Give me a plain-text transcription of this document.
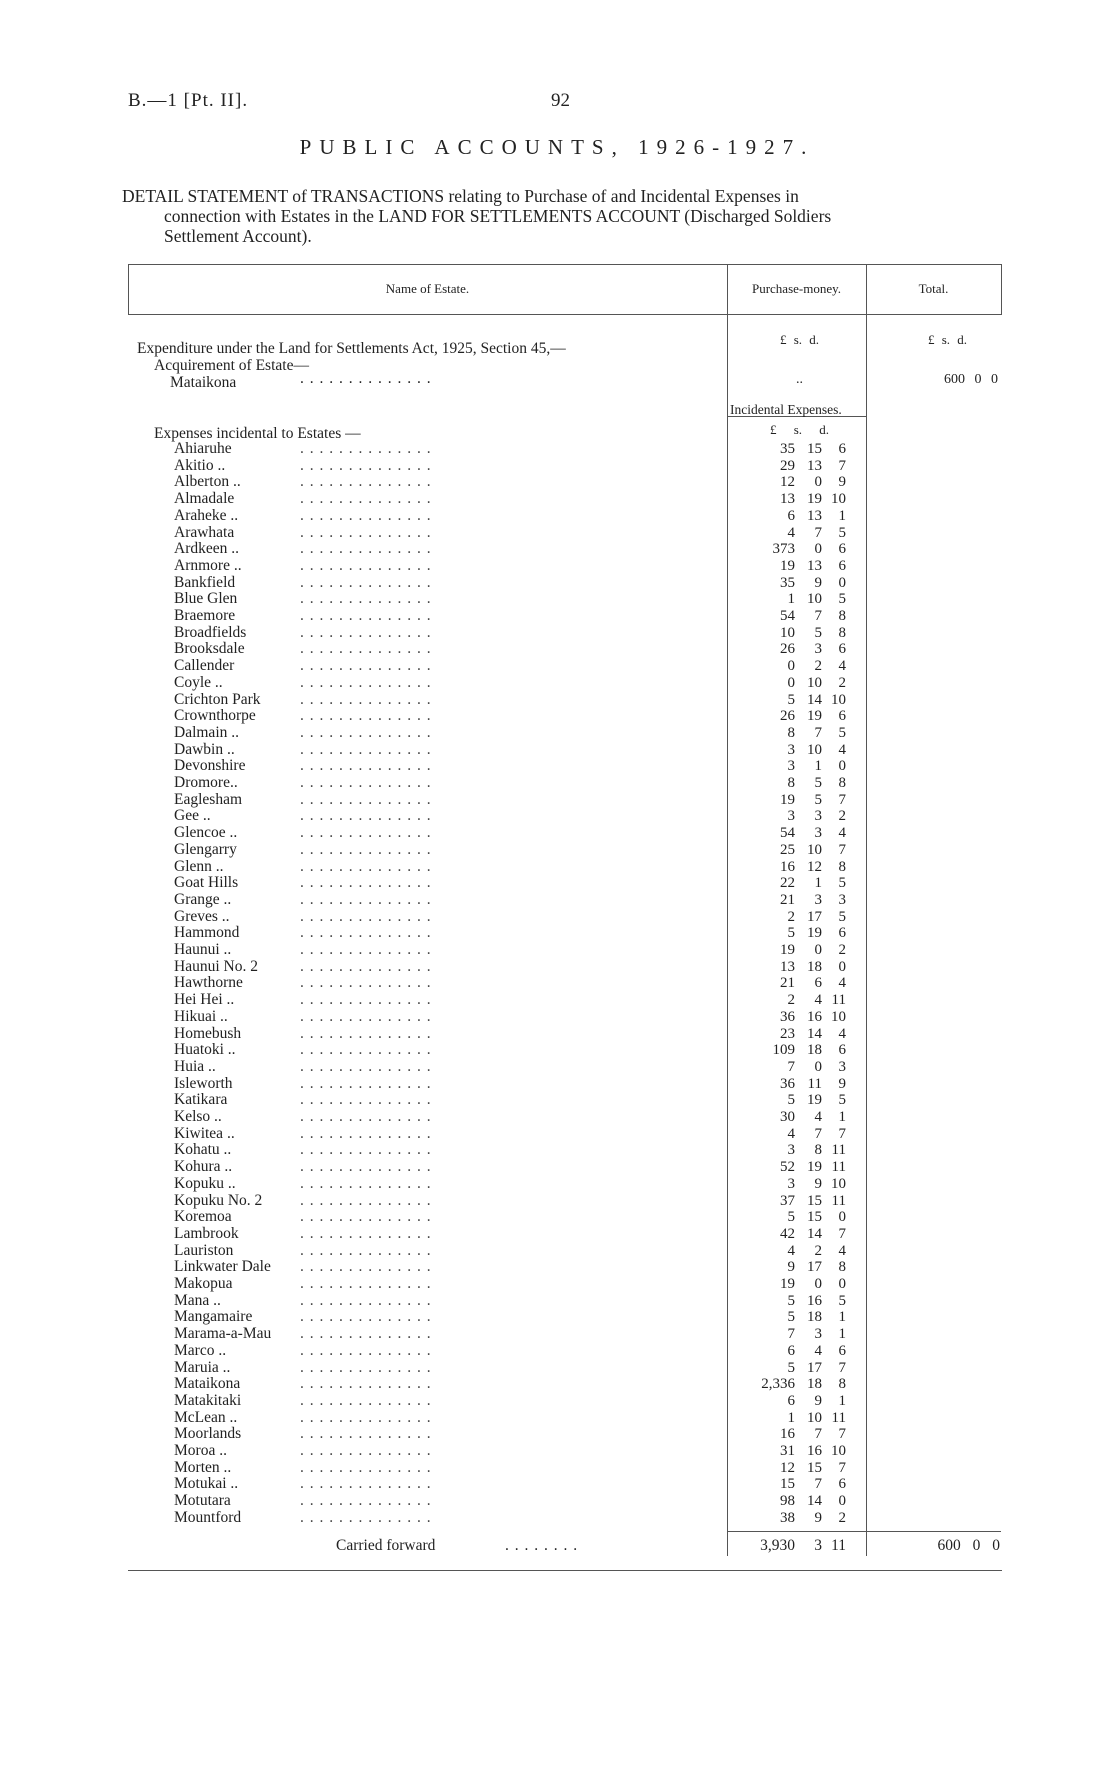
B.—1 [Pt. II].	92
PUBLIC ACCOUNTS, 1926-1927.
DETAIL STATEMENT of TRANSACTIONS relating to Purchase of and Incidental Expenses in
connection with Estates in the LAND FOR SETTLEMENTS ACCOUNT (Discharged Soldiers
Settlement Account).
Name of Estate.	Purchase-money.	Total.
£ s. d.	£ s. d.
Expenditure under the Land for Settlements Act, 1925, Section 45,—
Acquirement of Estate—
Mataikona	. . . . . . . . . . . . . .	..	600 0 0
Incidental Expenses.
£ s. d.
Expenses incidental to Estates —
Ahiaruhe	. . . . . . . . . . . . . .	35 15 6
Akitio ..	. . . . . . . . . . . . . .	29 13 7
Alberton ..	. . . . . . . . . . . . . .	12 0 9
Almadale	. . . . . . . . . . . . . .	13 19 10
Araheke ..	. . . . . . . . . . . . . .	6 13 1
Arawhata	. . . . . . . . . . . . . .	4 7 5
Ardkeen ..	. . . . . . . . . . . . . .	373 0 6
Arnmore ..	. . . . . . . . . . . . . .	19 13 6
Bankfield	. . . . . . . . . . . . . .	35 9 0
Blue Glen	. . . . . . . . . . . . . .	1 10 5
Braemore	. . . . . . . . . . . . . .	54 7 8
Broadfields	. . . . . . . . . . . . . .	10 5 8
Brooksdale	. . . . . . . . . . . . . .	26 3 6
Callender	. . . . . . . . . . . . . .	0 2 4
Coyle ..	. . . . . . . . . . . . . .	0 10 2
Crichton Park	. . . . . . . . . . . . . .	5 14 10
Crownthorpe	. . . . . . . . . . . . . .	26 19 6
Dalmain ..	. . . . . . . . . . . . . .	8 7 5
Dawbin ..	. . . . . . . . . . . . . .	3 10 4
Devonshire	. . . . . . . . . . . . . .	3 1 0
Dromore..	. . . . . . . . . . . . . .	8 5 8
Eaglesham	. . . . . . . . . . . . . .	19 5 7
Gee ..	. . . . . . . . . . . . . .	3 3 2
Glencoe ..	. . . . . . . . . . . . . .	54 3 4
Glengarry	. . . . . . . . . . . . . .	25 10 7
Glenn ..	. . . . . . . . . . . . . .	16 12 8
Goat Hills	. . . . . . . . . . . . . .	22 1 5
Grange ..	. . . . . . . . . . . . . .	21 3 3
Greves ..	. . . . . . . . . . . . . .	2 17 5
Hammond	. . . . . . . . . . . . . .	5 19 6
Haunui ..	. . . . . . . . . . . . . .	19 0 2
Haunui No. 2	. . . . . . . . . . . . . .	13 18 0
Hawthorne	. . . . . . . . . . . . . .	21 6 4
Hei Hei ..	. . . . . . . . . . . . . .	2 4 11
Hikuai ..	. . . . . . . . . . . . . .	36 16 10
Homebush	. . . . . . . . . . . . . .	23 14 4
Huatoki ..	. . . . . . . . . . . . . .	109 18 6
Huia ..	. . . . . . . . . . . . . .	7 0 3
Isleworth	. . . . . . . . . . . . . .	36 11 9
Katikara	. . . . . . . . . . . . . .	5 19 5
Kelso ..	. . . . . . . . . . . . . .	30 4 1
Kiwitea ..	. . . . . . . . . . . . . .	4 7 7
Kohatu ..	. . . . . . . . . . . . . .	3 8 11
Kohura ..	. . . . . . . . . . . . . .	52 19 11
Kopuku ..	. . . . . . . . . . . . . .	3 9 10
Kopuku No. 2 . . . . . . . . . . . . . .	37 15 11
Koremoa	. . . . . . . . . . . . . .	5 15 0
Lambrook	. . . . . . . . . . . . . .	42 14 7
Lauriston	. . . . . . . . . . . . . .	4 2 4
Linkwater Dale . . . . . . . . . . . . . .	9 17 8
Makopua	. . . . . . . . . . . . . .	19 0 0
Mana ..	. . . . . . . . . . . . . .	5 16 5
Mangamaire	. . . . . . . . . . . . . .	5 18 1
Marama-a-Mau . . . . . . . . . . . . . .	7 3 1
Marco ..	. . . . . . . . . . . . . .	6 4 6
Maruia ..	. . . . . . . . . . . . . .	5 17 7
Mataikona	. . . . . . . . . . . . . .	2,336 18 8
Matakitaki	. . . . . . . . . . . . . .	6 9 1
McLean ..	. . . . . . . . . . . . . .	1 10 11
Moorlands	. . . . . . . . . . . . . .	16 7 7
Moroa ..	. . . . . . . . . . . . . .	31 16 10
Morten ..	. . . . . . . . . . . . . .	12 15 7
Motukai ..	. . . . . . . . . . . . . .	15 7 6
Motutara	. . . . . . . . . . . . . .	98 14 0
Mountford	. . . . . . . . . . . . . .	38 9 2
Carried forward	. . . . . . . .	3,930 3 11	600 0 0
